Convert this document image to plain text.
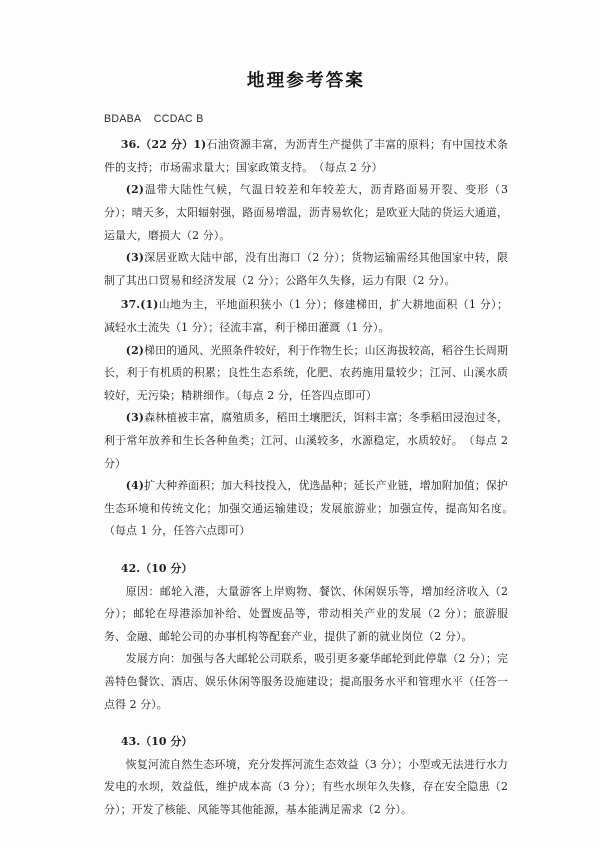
地理参考答案

BDABA    CCDAC B

36.（22 分）1)石油资源丰富，为沥青生产提供了丰富的原料；有中国技术条件的支持；市场需求量大；国家政策支持。　（每点 2 分）

(2)温带大陆性气候，气温日较差和年较差大，沥青路面易开裂、变形（3 分）；晴天多，太阳辐射强，路面易增温，沥青易软化；是欧亚大陆的货运大通道，运量大，磨损大（2 分）。

(3)深居亚欧大陆中部，没有出海口（2 分）；货物运输需经其他国家中转，限制了其出口贸易和经济发展（2 分）；公路年久失修，运力有限（2 分）。

37.(1)山地为主，平地面积狭小（1 分）；修建梯田，扩大耕地面积（1 分）；减轻水土流失（1 分）；径流丰富，利于梯田灌溉（1 分）。

(2)梯田的通风、光照条件较好，利于作物生长；山区海拔较高，稻谷生长周期长，利于有机质的积累；良性生态系统，化肥、农药施用量较少；江河、山溪水质较好，无污染；精耕细作。（每点 2 分，任答四点即可）

(3)森林植被丰富，腐殖质多，稻田土壤肥沃，饵料丰富；冬季稻田浸泡过冬，利于常年放养和生长各种鱼类；江河、山溪较多，水源稳定，水质较好。　（每点 2 分）

(4)扩大种养面积；加大科技投入，优选晶种；延长产业链，增加附加值；保护生态环境和传统文化；加强交通运输建设；发展旅游业；加强宣传，提高知名度。　（每点 1 分，任答六点即可）

42.（10 分）

原因：邮轮入港，大量游客上岸购物、餐饮、休闲娱乐等，增加经济收入（2 分）；邮轮在母港添加补给、处置废品等，带动相关产业的发展（2 分）；旅游服务、金融、邮轮公司的办事机构等配套产业，提供了新的就业岗位（2 分）。

发展方向：加强与各大邮轮公司联系，吸引更多豪华邮轮到此停靠（2 分）；完善特色餐饮、酒店、娱乐休闲等服务设施建设；提高服务水平和管理水平（任答一点得 2 分）。

43.（10 分）

恢复河流自然生态环境，充分发挥河流生态效益（3 分）；小型或无法进行水力发电的水坝，效益低，维护成本高（3 分）；有些水坝年久失修，存在安全隐患（2 分）；开发了核能、风能等其他能源，基本能满足需求（2 分）。
